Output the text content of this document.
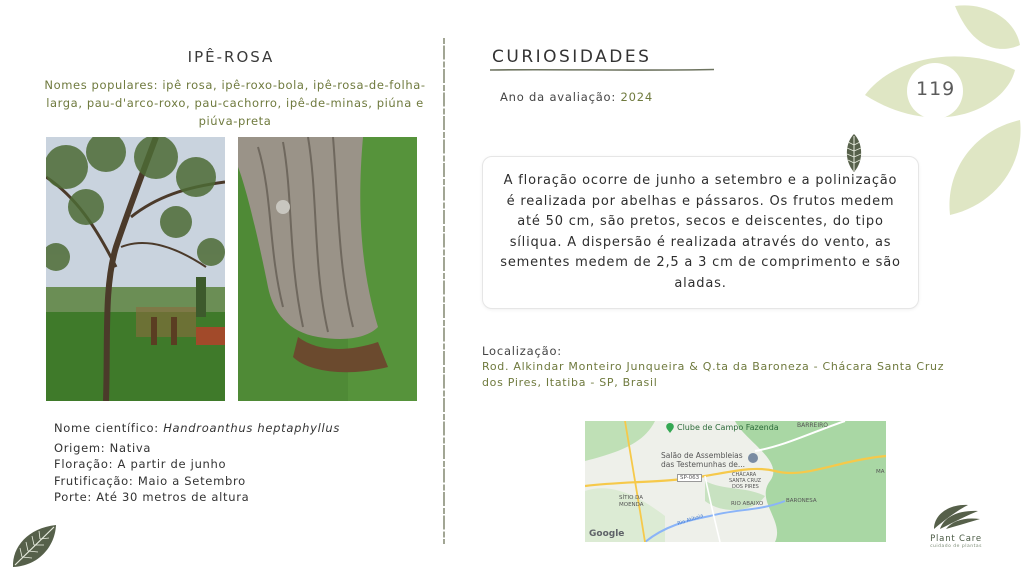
119
IPÊ-ROSA
Nomes populares: ipê rosa, ipê-roxo-bola, ipê-rosa-de-folha-larga, pau-d'arco-roxo, pau-cachorro, ipê-de-minas, piúna e piúva-preta
Nome científico: Handroanthus heptaphyllus
Origem: Nativa
Floração: A partir de junho
Frutificação: Maio a Setembro
Porte: Até 30 metros de altura
CURIOSIDADES
Ano da avaliação: 2024
A floração ocorre de junho a setembro e a polinização é realizada por abelhas e pássaros. Os frutos medem até 50 cm, são pretos, secos e deiscentes, do tipo síliqua. A dispersão é realizada através do vento, as sementes medem de 2,5 a 3 cm de comprimento e são aladas.
Localização:
Rod. Alkindar Monteiro Junqueira & Q.ta da Baroneza - Chácara Santa Cruz dos Pires, Itatiba - SP, Brasil
Clube de Campo Fazenda	BARREIRO
Salão de Assembleias
das Testemunhas de...
SP-063	CHÁCARA
SANTA CRUZ
DOS PIRES
SÍTIO DA
MOENDA
BARONESA
RIO ABAIXO
Rio Atibaia
MA
Google	Plant Care
cuidado de plantas
